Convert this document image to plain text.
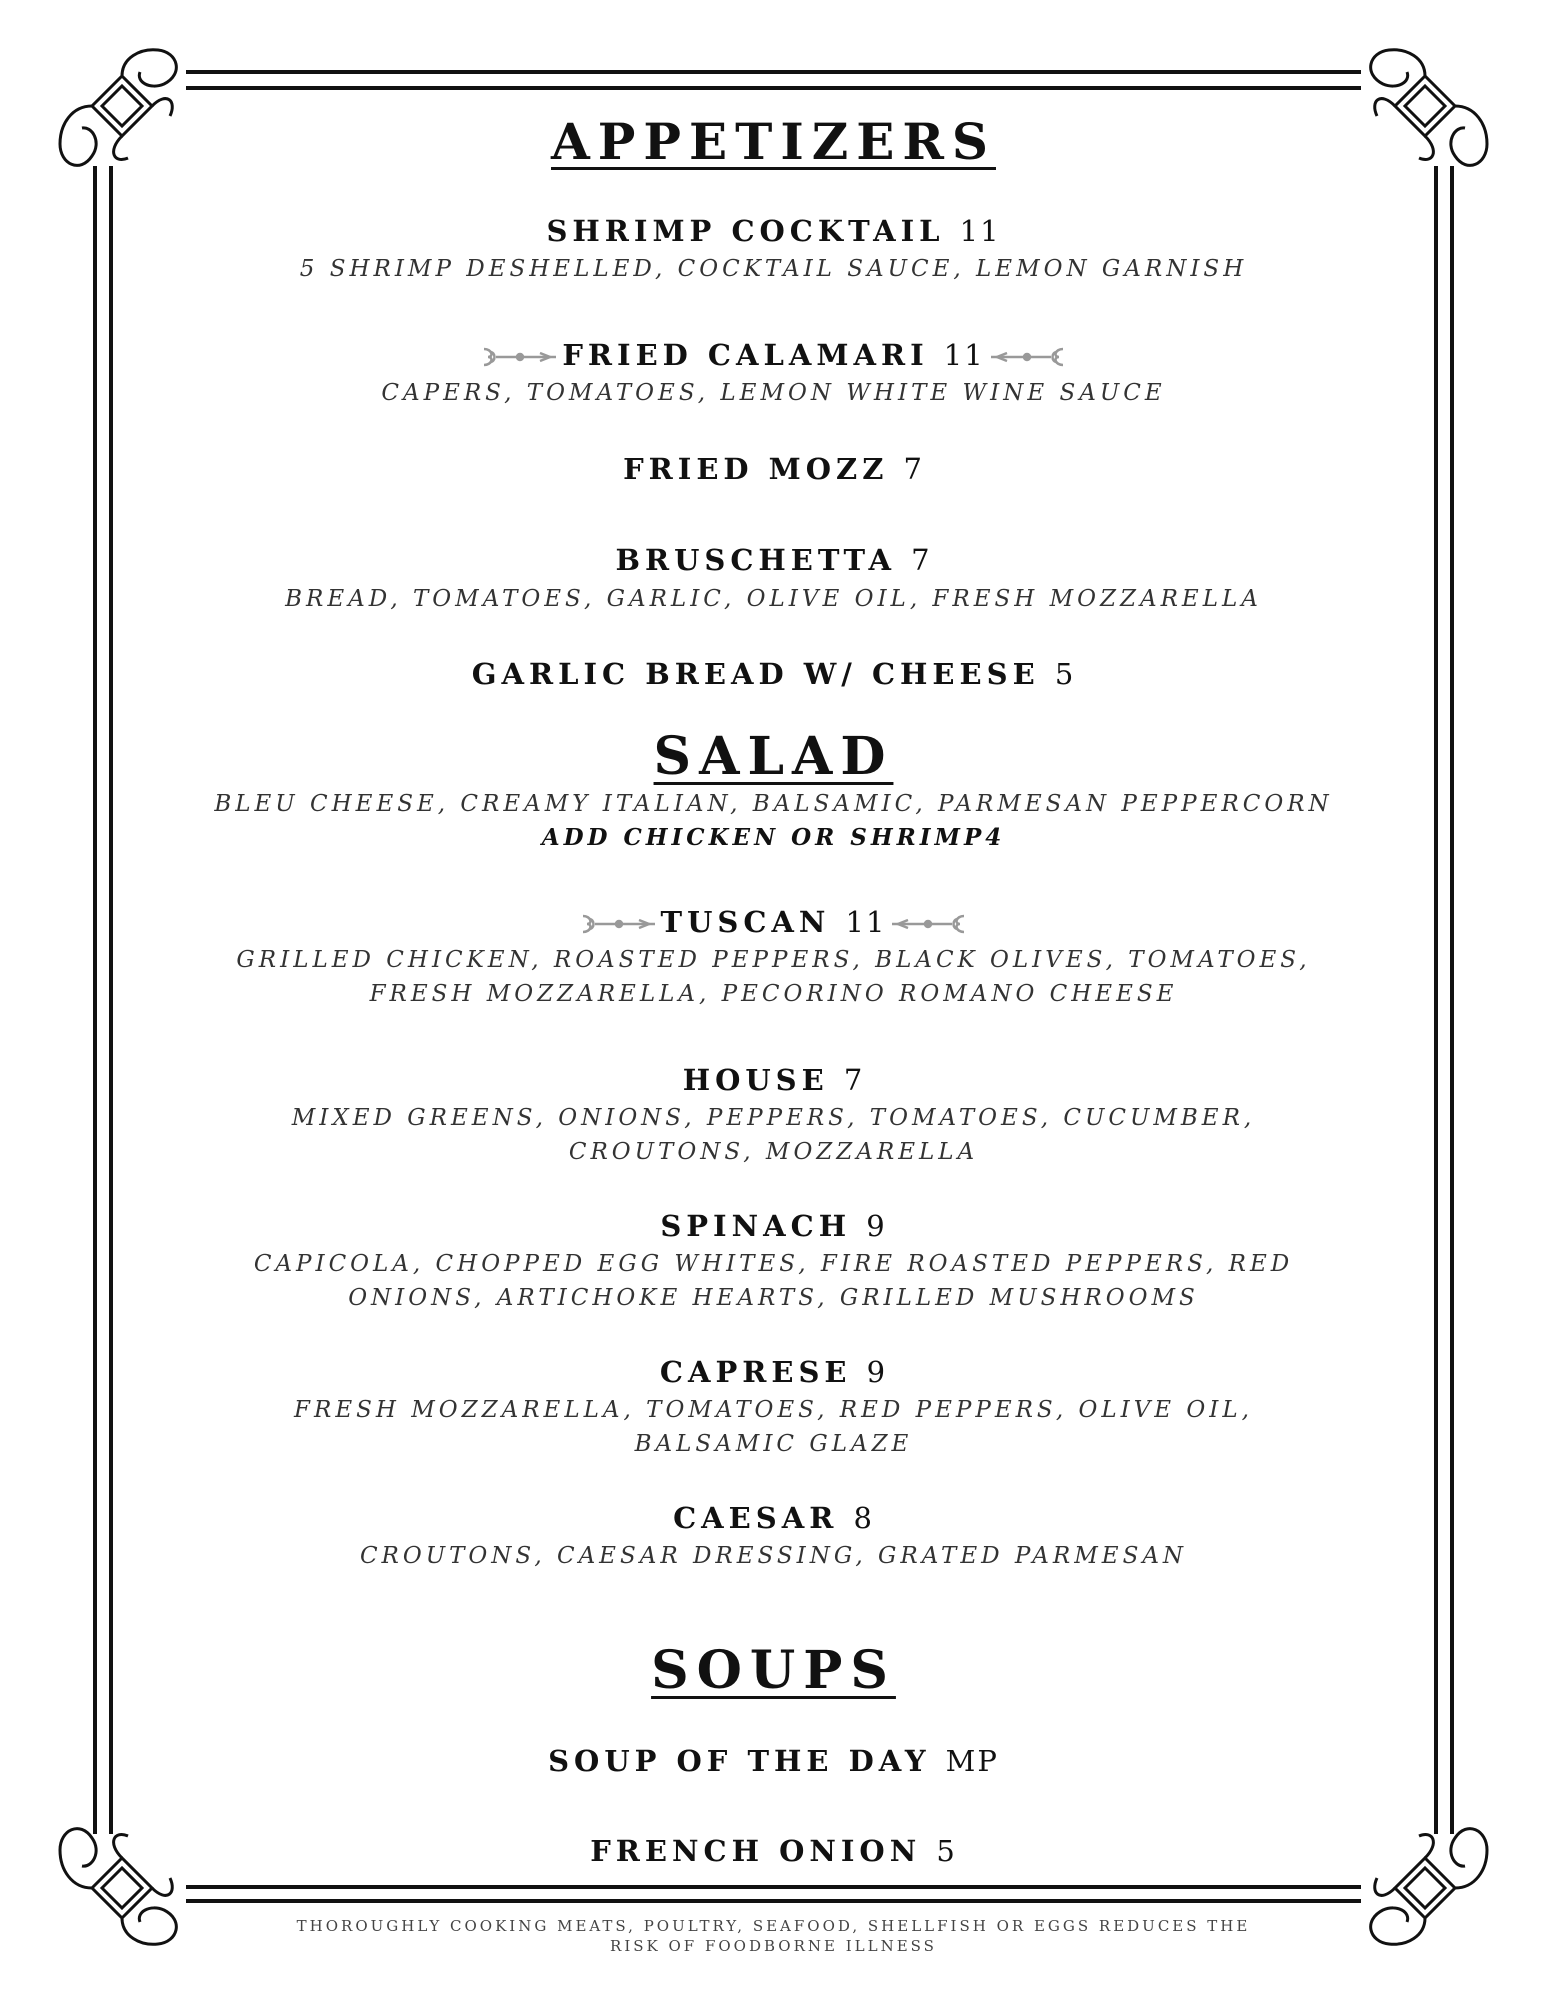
APPETIZERS
SHRIMP COCKTAIL 11
5 SHRIMP DESHELLED, COCKTAIL SAUCE, LEMON GARNISH
FRIED CALAMARI 11
CAPERS, TOMATOES, LEMON WHITE WINE SAUCE
FRIED MOZZ 7
BRUSCHETTA 7
BREAD, TOMATOES, GARLIC, OLIVE OIL, FRESH MOZZARELLA
GARLIC BREAD W/ CHEESE 5
SALAD
BLEU CHEESE, CREAMY ITALIAN, BALSAMIC, PARMESAN PEPPERCORN
ADD CHICKEN OR SHRIMP4
TUSCAN 11
GRILLED CHICKEN, ROASTED PEPPERS, BLACK OLIVES, TOMATOES,
FRESH MOZZARELLA, PECORINO ROMANO CHEESE
HOUSE 7
MIXED GREENS, ONIONS, PEPPERS, TOMATOES, CUCUMBER,
CROUTONS, MOZZARELLA
SPINACH 9
CAPICOLA, CHOPPED EGG WHITES, FIRE ROASTED PEPPERS, RED
ONIONS, ARTICHOKE HEARTS, GRILLED MUSHROOMS
CAPRESE 9
FRESH MOZZARELLA, TOMATOES, RED PEPPERS, OLIVE OIL,
BALSAMIC GLAZE
CAESAR 8
CROUTONS, CAESAR DRESSING, GRATED PARMESAN
SOUPS
SOUP OF THE DAY MP
FRENCH ONION 5
THOROUGHLY COOKING MEATS, POULTRY, SEAFOOD, SHELLFISH OR EGGS REDUCES THE
RISK OF FOODBORNE ILLNESS
